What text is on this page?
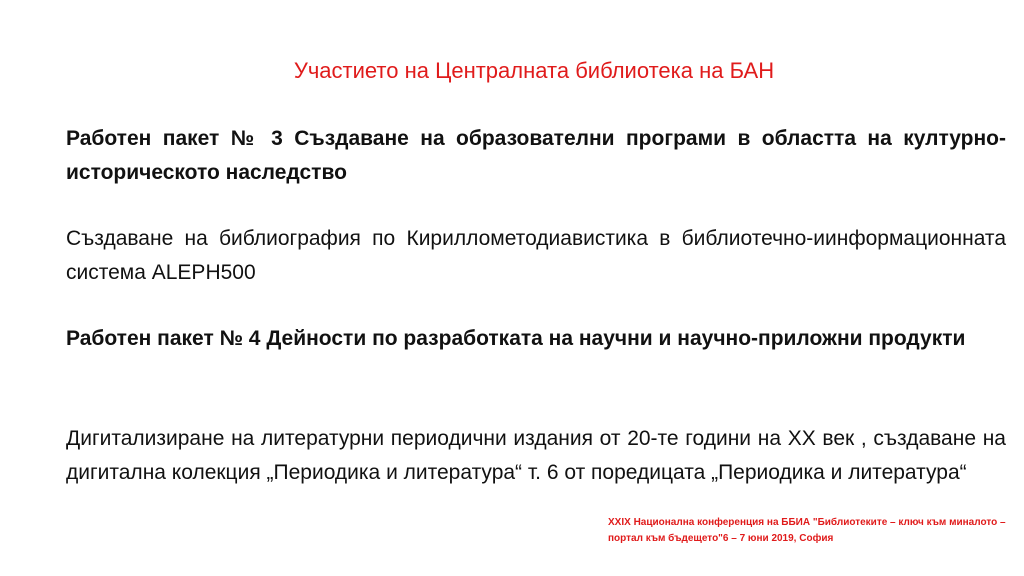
Участието на Централната библиотека на БАН
Работен пакет № 3 Създаване на образователни програми в областта на културно-историческото наследство
Създаване на библиография по Кириллометодиавистика в библиотечно-иинформационната система ALEPH500
Работен пакет № 4 Дейности по разработката на научни и научно-приложни продукти
Дигитализиране на литературни периодични издания от 20-те години на XX век , създаване на дигитална колекция „Периодика и литература“ т. 6 от поредицата „Периодика и литература“
XXIX Национална конференция на ББИА "Библиотеките – ключ към миналото – портал към бъдещето"6 – 7 юни 2019, София
